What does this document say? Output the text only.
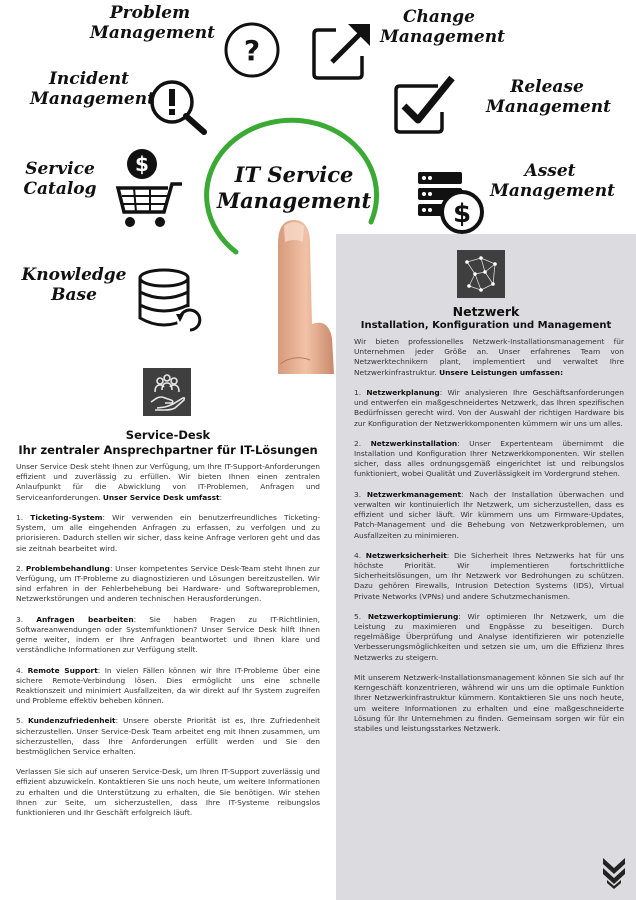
Problem Management
Change Management
Incident Management
Release Management
Service Catalog
Asset Management
Knowledge Base
IT Service Management
?
$
$
Netzwerk
Installation, Konfiguration und Management

Wir bieten professionelles Netzwerk-Installationsmanagement für Unternehmen jeder Größe an. Unser erfahrenes Team von Netzwerktechnikern plant, implementiert und verwaltet Ihre Netzwerkinfrastruktur. Unsere Leistungen umfassen:

1. Netzwerkplanung: Wir analysieren Ihre Geschäftsanforderungen und entwerfen ein maßgeschneidertes Netzwerk, das Ihren spezifischen Bedürfnissen gerecht wird. Von der Auswahl der richtigen Hardware bis zur Konfiguration der Netzwerkkomponenten kümmern wir uns um alles.

2. Netzwerkinstallation: Unser Expertenteam übernimmt die Installation und Konfiguration Ihrer Netzwerkkomponenten. Wir stellen sicher, dass alles ordnungsgemäß eingerichtet ist und reibungslos funktioniert, wobei Qualität und Zuverlässigkeit im Vordergrund stehen.

3. Netzwerkmanagement: Nach der Installation überwachen und verwalten wir kontinuierlich Ihr Netzwerk, um sicherzustellen, dass es effizient und sicher läuft. Wir kümmern uns um Firmware-Updates, Patch-Management und die Behebung von Netzwerkproblemen, um Ausfallzeiten zu minimieren.

4. Netzwerksicherheit: Die Sicherheit Ihres Netzwerks hat für uns höchste Priorität. Wir implementieren fortschrittliche Sicherheitslösungen, um Ihr Netzwerk vor Bedrohungen zu schützen. Dazu gehören Firewalls, Intrusion Detection Systems (IDS), Virtual Private Networks (VPNs) und andere Schutzmechanismen.

5. Netzwerkoptimierung: Wir optimieren Ihr Netzwerk, um die Leistung zu maximieren und Engpässe zu beseitigen. Durch regelmäßige Überprüfung und Analyse identifizieren wir potenzielle Verbesserungsmöglichkeiten und setzen sie um, um die Effizienz Ihres Netzwerks zu steigern.

Mit unserem Netzwerk-Installationsmanagement können Sie sich auf Ihr Kerngeschäft konzentrieren, während wir uns um die optimale Funktion Ihrer Netzwerkinfrastruktur kümmern. Kontaktieren Sie uns noch heute, um weitere Informationen zu erhalten und eine maßgeschneiderte Lösung für Ihr Unternehmen zu finden. Gemeinsam sorgen wir für ein stabiles und leistungsstarkes Netzwerk.

Service-Desk
Ihr zentraler Ansprechpartner für IT-Lösungen

Unser Service Desk steht Ihnen zur Verfügung, um Ihre IT-Support-Anforderungen effizient und zuverlässig zu erfüllen. Wir bieten Ihnen einen zentralen Anlaufpunkt für die Abwicklung von IT-Problemen, Anfragen und Serviceanforderungen. Unser Service Desk umfasst:

1. Ticketing-System: Wir verwenden ein benutzerfreundliches Ticketing-System, um alle eingehenden Anfragen zu erfassen, zu verfolgen und zu priorisieren. Dadurch stellen wir sicher, dass keine Anfrage verloren geht und das sie zeitnah bearbeitet wird.

2. Problembehandlung: Unser kompetentes Service Desk-Team steht Ihnen zur Verfügung, um IT-Probleme zu diagnostizieren und Lösungen bereitzustellen. Wir sind erfahren in der Fehlerbehebung bei Hardware- und Softwareproblemen, Netzwerkstörungen und anderen technischen Herausforderungen.

3. Anfragen bearbeiten: Sie haben Fragen zu IT-Richtlinien, Softwareanwendungen oder Systemfunktionen? Unser Service Desk hilft Ihnen gerne weiter, indem er Ihre Anfragen beantwortet und Ihnen klare und verständliche Informationen zur Verfügung stellt.

4. Remote Support: In vielen Fällen können wir Ihre IT-Probleme über eine sichere Remote-Verbindung lösen. Dies ermöglicht uns eine schnelle Reaktionszeit und minimiert Ausfallzeiten, da wir direkt auf Ihr System zugreifen und Probleme effektiv beheben können.

5. Kundenzufriedenheit: Unsere oberste Priorität ist es, Ihre Zufriedenheit sicherzustellen. Unser Service-Desk Team arbeitet eng mit Ihnen zusammen, um sicherzustellen, dass Ihre Anforderungen erfüllt werden und Sie den bestmöglichen Service erhalten.

Verlassen Sie sich auf unseren Service-Desk, um Ihren IT-Support zuverlässig und effizient abzuwickeln. Kontaktieren Sie uns noch heute, um weitere Informationen zu erhalten und die Unterstützung zu erhalten, die Sie benötigen. Wir stehen Ihnen zur Seite, um sicherzustellen, dass Ihre IT-Systeme reibungslos funktionieren und Ihr Geschäft erfolgreich läuft.
